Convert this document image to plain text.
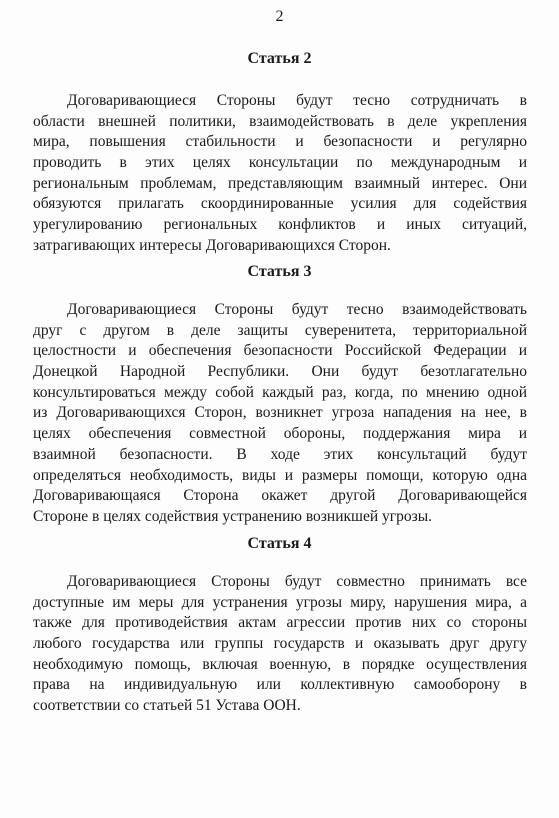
2
Статья 2
Договаривающиеся Стороны будут тесно сотрудничать в
области внешней политики, взаимодействовать в деле укрепления
мира, повышения стабильности и безопасности и регулярно
проводить в этих целях консультации по международным и
региональным проблемам, представляющим взаимный интерес. Они
обязуются прилагать скоординированные усилия для содействия
урегулированию региональных конфликтов и иных ситуаций,
затрагивающих интересы Договаривающихся Сторон.
Статья 3
Договаривающиеся Стороны будут тесно взаимодействовать
друг с другом в деле защиты суверенитета, территориальной
целостности и обеспечения безопасности Российской Федерации и
Донецкой Народной Республики. Они будут безотлагательно
консультироваться между собой каждый раз, когда, по мнению одной
из Договаривающихся Сторон, возникнет угроза нападения на нее, в
целях обеспечения совместной обороны, поддержания мира и
взаимной безопасности. В ходе этих консультаций будут
определяться необходимость, виды и размеры помощи, которую одна
Договаривающаяся Сторона окажет другой Договаривающейся
Стороне в целях содействия устранению возникшей угрозы.
Статья 4
Договаривающиеся Стороны будут совместно принимать все
доступные им меры для устранения угрозы миру, нарушения мира, а
также для противодействия актам агрессии против них со стороны
любого государства или группы государств и оказывать друг другу
необходимую помощь, включая военную, в порядке осуществления
права на индивидуальную или коллективную самооборону в
соответствии со статьей 51 Устава ООН.
